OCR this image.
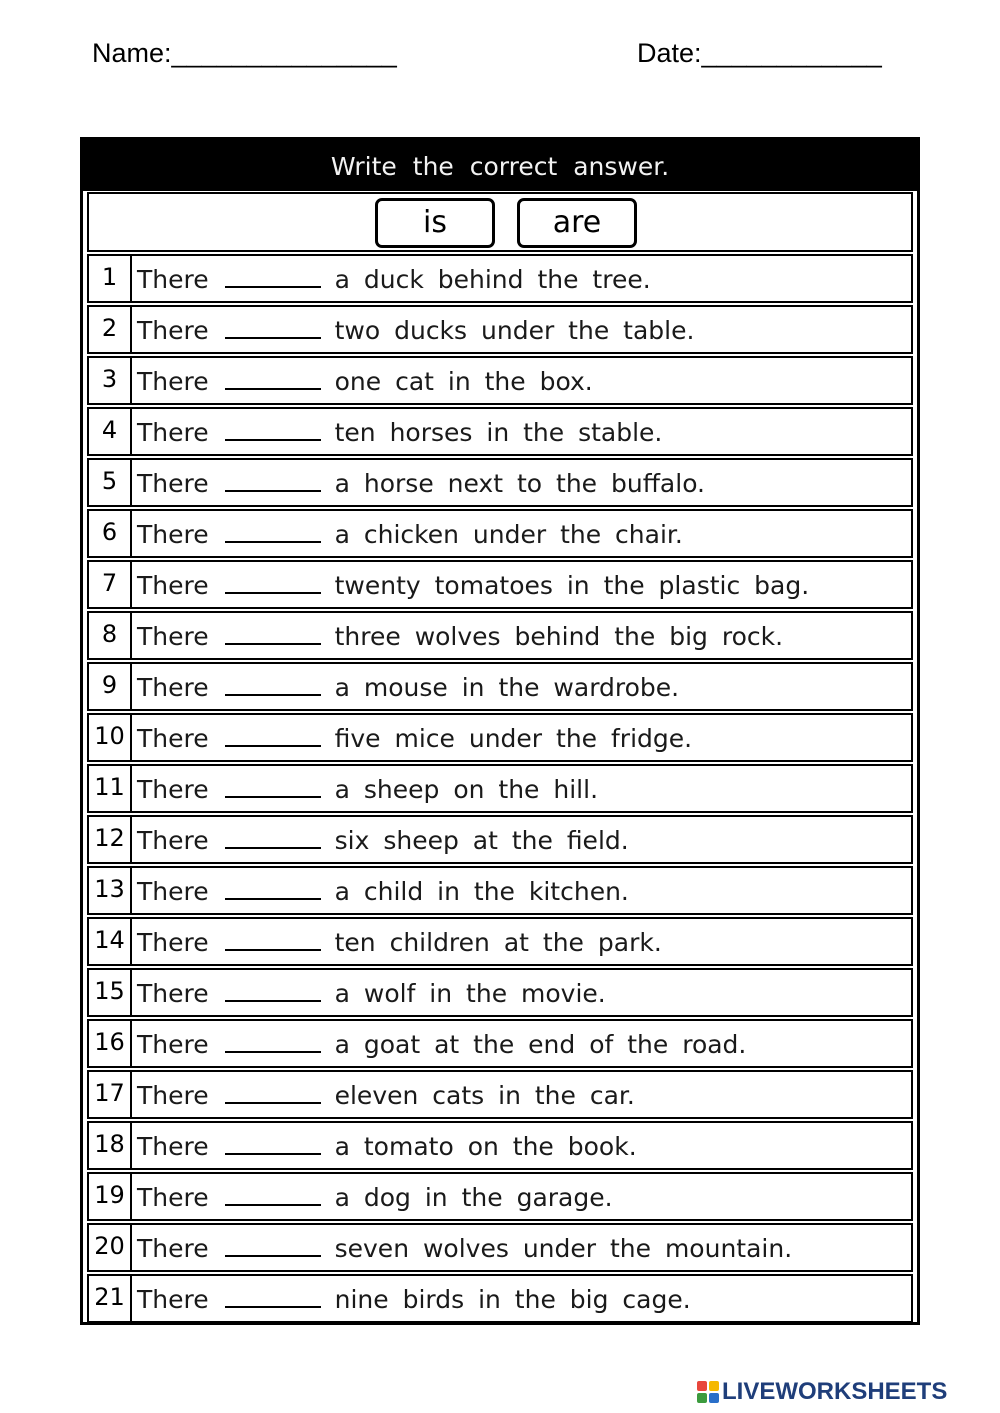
Name:_______________	Date:____________
Write the correct answer.
is	are
1 There	a duck behind the tree.
2 There	two ducks under the table.
3 There	one cat in the box.
4 There	ten horses in the stable.
5 There	a horse next to the buffalo.
6 There	a chicken under the chair.
7 There	twenty tomatoes in the plastic bag.
8 There	three wolves behind the big rock.
9 There	a mouse in the wardrobe.
10 There	five mice under the fridge.
11 There	a sheep on the hill.
12 There	six sheep at the field.
13 There	a child in the kitchen.
14 There	ten children at the park.
15 There	a wolf in the movie.
16 There	a goat at the end of the road.
17 There	eleven cats in the car.
18 There	a tomato on the book.
19 There	a dog in the garage.
20 There	seven wolves under the mountain.
21 There	nine birds in the big cage.
LIVEWORKSHEETS
